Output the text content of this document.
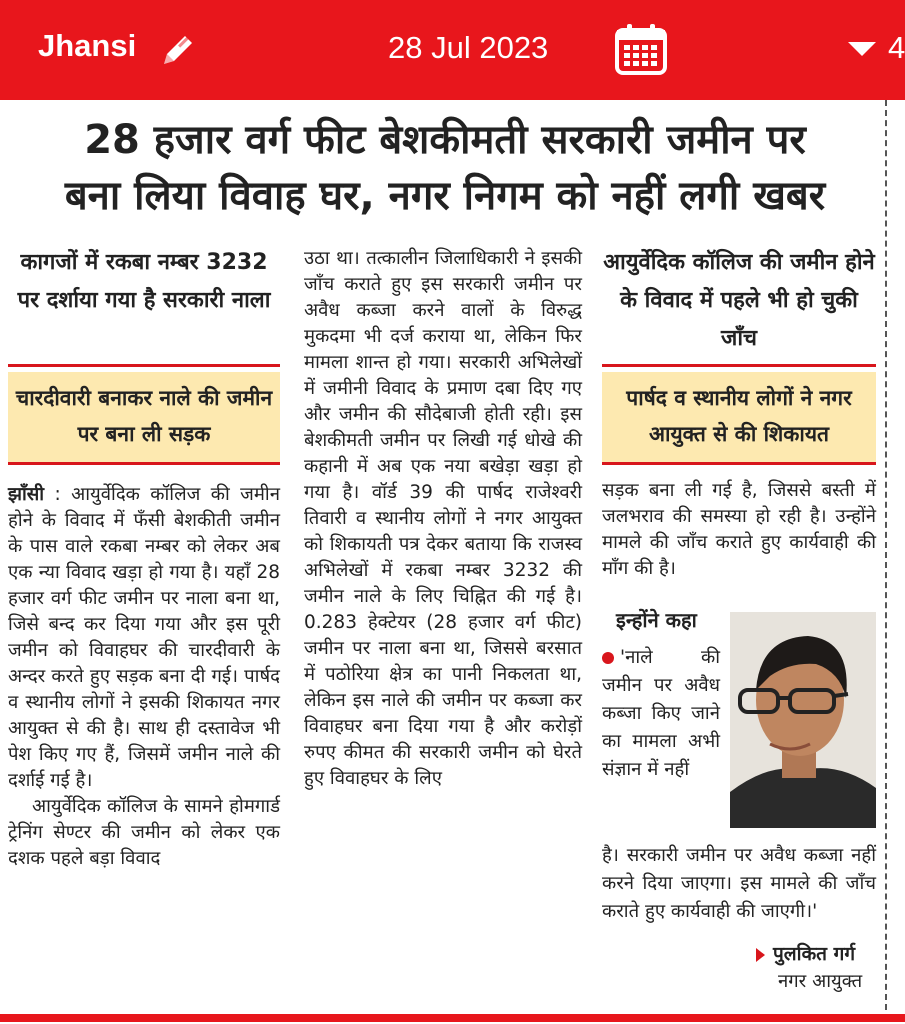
Jhansi	28 Jul 2023	4
28 हजार वर्ग फीट बेशकीमती सरकारी जमीन पर
बना लिया विवाह घर, नगर निगम को नहीं लगी खबर
कागजों में रकबा नम्बर 3232 पर दर्शाया गया है सरकारी नाला
चारदीवारी बनाकर नाले की जमीन पर बना ली सड़क
आयुर्वेदिक कॉलिज की जमीन होने के विवाद में पहले भी हो चुकी जाँच
पार्षद व स्थानीय लोगों ने नगर आयुक्त से की शिकायत

झाँसी : आयुर्वेदिक कॉलिज की जमीन होने के विवाद में फँसी बेशकीती जमीन के पास वाले रकबा नम्बर को लेकर अब एक न्या विवाद खड़ा हो गया है। यहाँ 28 हजार वर्ग फीट जमीन पर नाला बना था, जिसे बन्द कर दिया गया और इस पूरी जमीन को विवाहघर की चारदीवारी के अन्दर करते हुए सड़क बना दी गई। पार्षद व स्थानीय लोगों ने इसकी शिकायत नगर आयुक्त से की है। साथ ही दस्तावेज भी पेश किए गए हैं, जिसमें जमीन नाले की दर्शाई गई है।

आयुर्वेदिक कॉलिज के सामने होमगार्ड ट्रेनिंग सेण्टर की जमीन को लेकर एक दशक पहले बड़ा विवाद

उठा था। तत्कालीन जिलाधिकारी ने इसकी जाँच कराते हुए इस सरकारी जमीन पर अवैध कब्जा करने वालों के विरुद्ध मुकदमा भी दर्ज कराया था, लेकिन फिर मामला शान्त हो गया। सरकारी अभिलेखों में जमीनी विवाद के प्रमाण दबा दिए गए और जमीन की सौदेबाजी होती रही। इस बेशकीमती जमीन पर लिखी गई धोखे की कहानी में अब एक नया बखेड़ा खड़ा हो गया है। वॉर्ड 39 की पार्षद राजेश्वरी तिवारी व स्थानीय लोगों ने नगर आयुक्त को शिकायती पत्र देकर बताया कि राजस्व अभिलेखों में रकबा नम्बर 3232 की जमीन नाले के लिए चिह्नित की गई है। 0.283 हेक्टेयर (28 हजार वर्ग फीट) जमीन पर नाला बना था, जिससे बरसात में पठोरिया क्षेत्र का पानी निकलता था, लेकिन इस नाले की जमीन पर कब्जा कर विवाहघर बना दिया गया है और करोड़ों रुपए कीमत की सरकारी जमीन को घेरते हुए विवाहघर के लिए

सड़क बना ली गई है, जिससे बस्ती में जलभराव की समस्या हो रही है। उन्होंने मामले की जाँच कराते हुए कार्यवाही की माँग की है।

इन्होंने कहा
'नाले की जमीन पर अवैध कब्जा किए जाने का मामला अभी संज्ञान में नहीं
है। सरकारी जमीन पर अवैध कब्जा नहीं करने दिया जाएगा। इस मामले की जाँच कराते हुए कार्यवाही की जाएगी।'
पुलकित गर्ग
नगर आयुक्त
